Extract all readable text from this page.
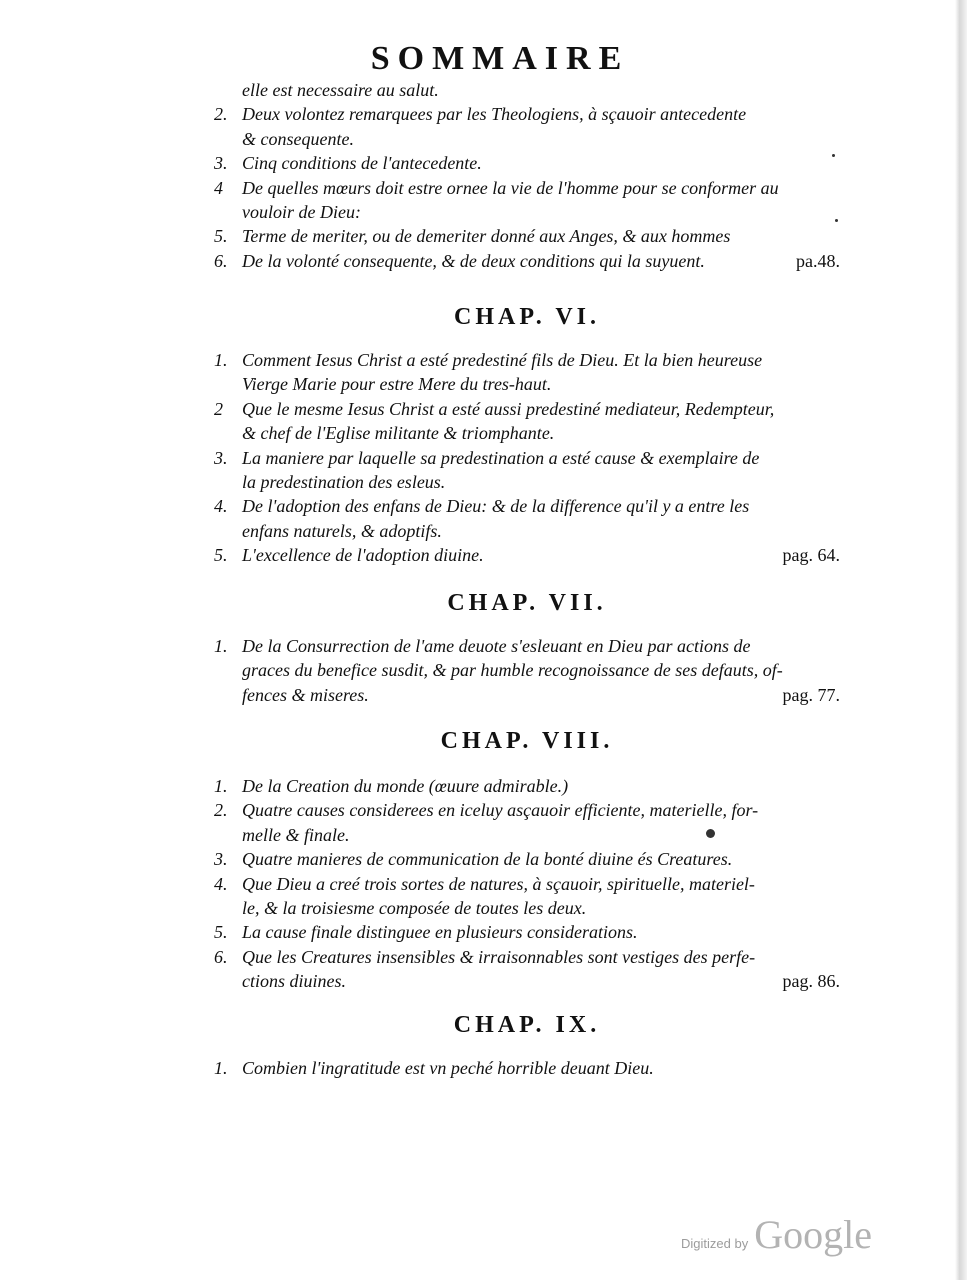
SOMMAIRE

elle est necessaire au salut.

2. Deux volontez remarquees par les Theologiens, à sçauoir antecedente

& consequente.

3. Cinq conditions de l'antecedente.

4 De quelles mœurs doit estre ornee la vie de l'homme pour se conformer au

vouloir de Dieu:

5. Terme de meriter, ou de demeriter donné aux Anges, & aux hommes

6. De la volonté consequente, & de deux conditions qui la suyuent.	pa.48.

CHAP. VI.

1. Comment Iesus Christ a esté predestiné fils de Dieu. Et la bien heureuse

Vierge Marie pour estre Mere du tres-haut.

2 Que le mesme Iesus Christ a esté aussi predestiné mediateur, Redempteur,

& chef de l'Eglise militante & triomphante.

3. La maniere par laquelle sa predestination a esté cause & exemplaire de

la predestination des esleus.

4. De l'adoption des enfans de Dieu: & de la difference qu'il y a entre les

enfans naturels, & adoptifs.

5. L'excellence de l'adoption diuine.	pag. 64.

CHAP. VII.

1. De la Consurrection de l'ame deuote s'esleuant en Dieu par actions de

graces du benefice susdit, & par humble recognoissance de ses defauts, of-

fences & miseres.	pag. 77.

CHAP. VIII.

1. De la Creation du monde (œuure admirable.)

2. Quatre causes considerees en iceluy asçauoir efficiente, materielle, for-

melle & finale.

3. Quatre manieres de communication de la bonté diuine és Creatures.

4. Que Dieu a creé trois sortes de natures, à sçauoir, spirituelle, materiel-

le, & la troisiesme composée de toutes les deux.

5. La cause finale distinguee en plusieurs considerations.

6. Que les Creatures insensibles & irraisonnables sont vestiges des perfe-

ctions diuines.	pag. 86.

CHAP. IX.

1. Combien l'ingratitude est vn peché horrible deuant Dieu.

Digitized by Google
